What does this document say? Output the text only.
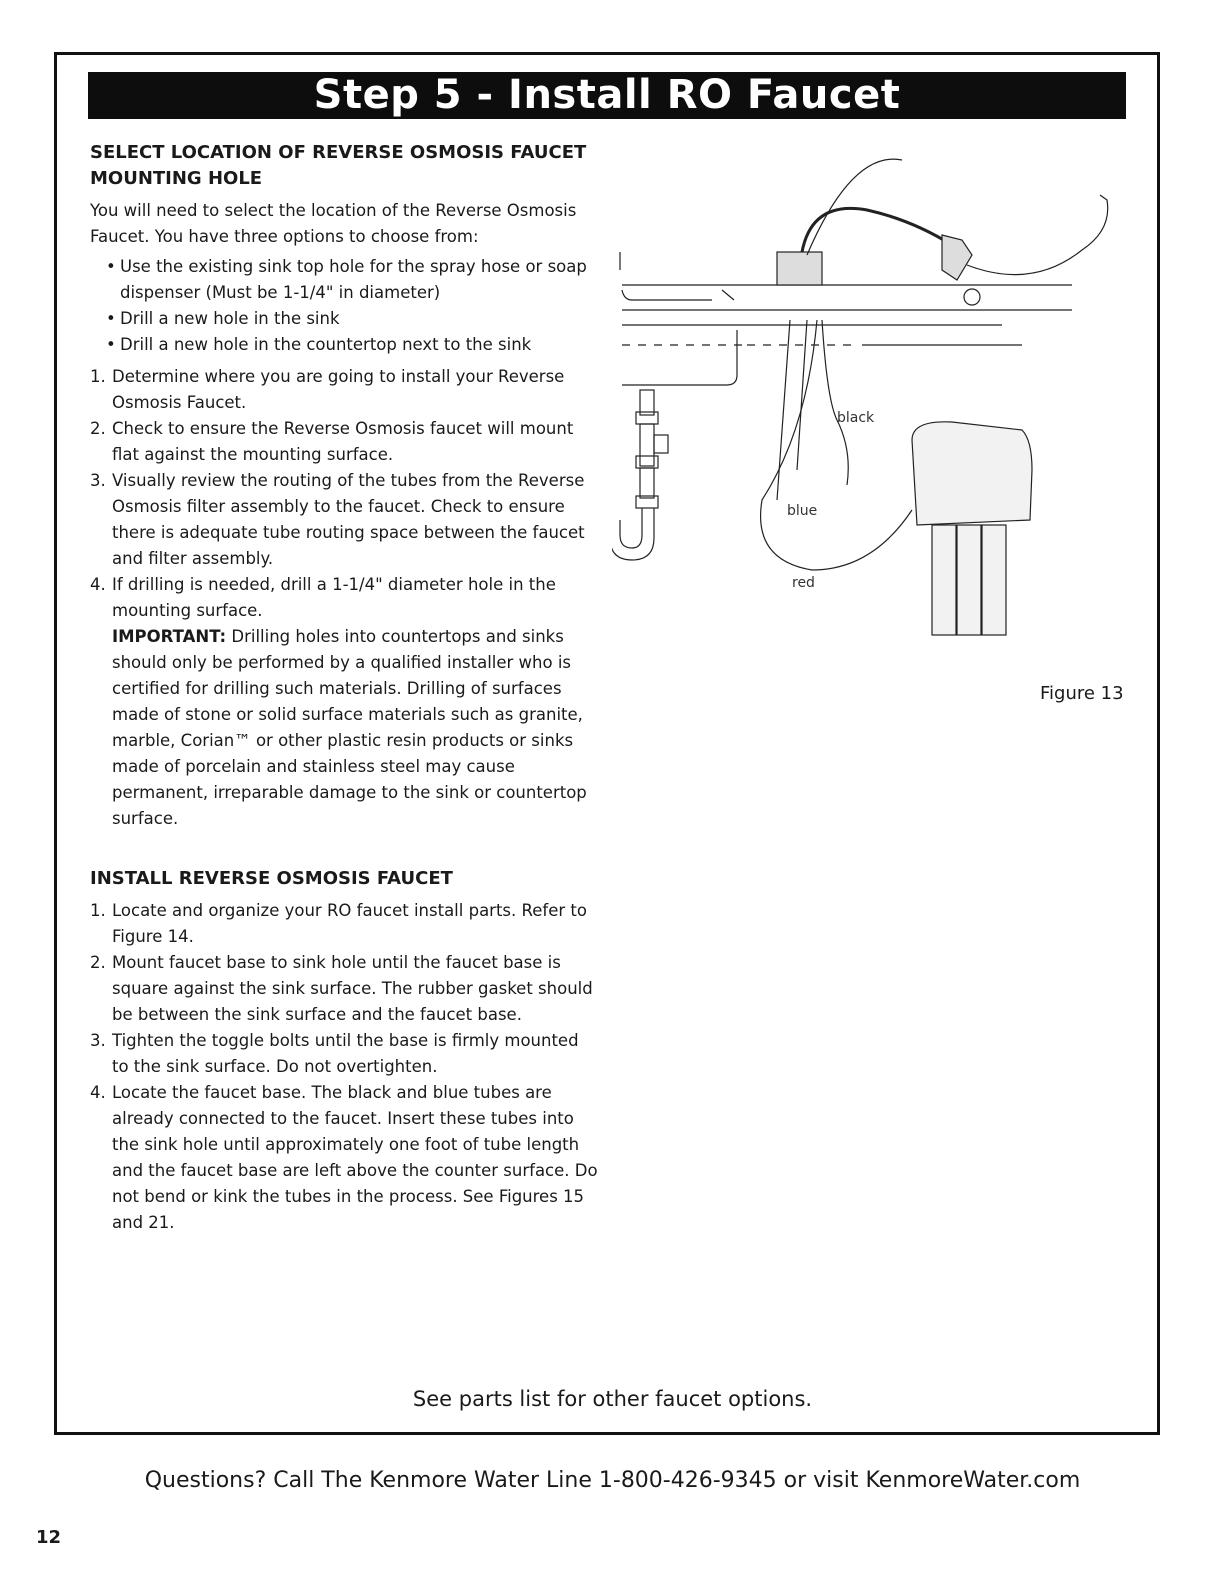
Step 5 - Install RO Faucet
SELECT LOCATION OF REVERSE OSMOSIS FAUCET
MOUNTING HOLE
You will need to select the location of the Reverse Osmosis Faucet. You have three options to choose from:
• Use the existing sink top hole for the spray hose or soap dispenser (Must be 1-1/4" in diameter)
• Drill a new hole in the sink
• Drill a new hole in the countertop next to the sink
1. Determine where you are going to install your Reverse Osmosis Faucet.
2. Check to ensure the Reverse Osmosis faucet will mount flat against the mounting surface.
3. Visually review the routing of the tubes from the Reverse Osmosis filter assembly to the faucet. Check to ensure there is adequate tube routing space between the faucet and filter assembly.
4. If drilling is needed, drill a 1-1/4" diameter hole in the mounting surface.
IMPORTANT: Drilling holes into countertops and sinks should only be performed by a qualified installer who is certified for drilling such materials. Drilling of surfaces made of stone or solid surface materials such as granite, marble, Corian™ or other plastic resin products or sinks made of porcelain and stainless steel may cause permanent, irreparable damage to the sink or countertop surface.
INSTALL REVERSE OSMOSIS FAUCET
1. Locate and organize your RO faucet install parts. Refer to Figure 14.
2. Mount faucet base to sink hole until the faucet base is square against the sink surface. The rubber gasket should be between the sink surface and the faucet base.
3. Tighten the toggle bolts until the base is firmly mounted to the sink surface. Do not overtighten.
4. Locate the faucet base. The black and blue tubes are already connected to the faucet. Insert these tubes into the sink hole until approximately one foot of tube length and the faucet base are left above the counter surface. Do not bend or kink the tubes in the process. See Figures 15 and 21.
black
blue
red
Figure 13
See parts list for other faucet options.
Questions? Call The Kenmore Water Line 1-800-426-9345 or visit KenmoreWater.com
12
